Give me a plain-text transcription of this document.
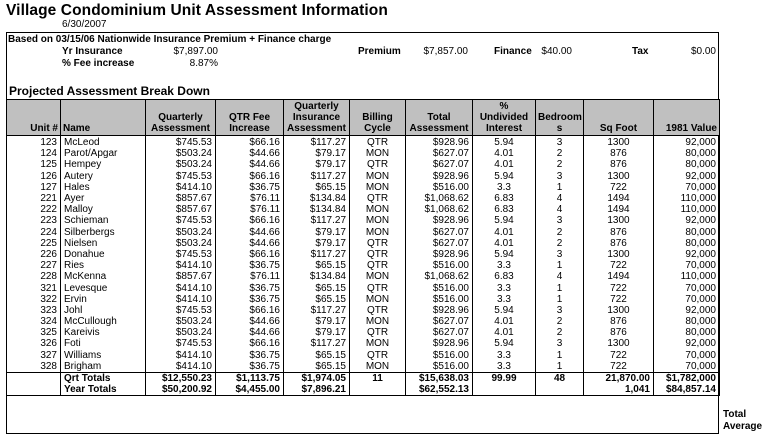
Village Condominium Unit Assessment Information
6/30/2007
Based on 03/15/06 Nationwide Insurance Premium + Finance charge
Yr Insurance	$7,897.00
% Fee increase	8.87%
Premium	$7,857.00	Finance $40.00	Tax	$0.00
Projected Assessment Break Down
Unit #	Name	Quarterly Assessment	QTR Fee Increase	Quarterly Insurance Assessment	Billing Cycle	Total Assessment	% Undivided Interest	Bedroom s	Sq Foot	1981 Value
123	McLeod	$745.53	$66.16	$117.27	QTR	$928.96	5.94	3	1300	92,000
124	Parot/Apgar	$503.24	$44.66	$79.17	MON	$627.07	4.01	2	876	80,000
125	Hempey	$503.24	$44.66	$79.17	QTR	$627.07	4.01	2	876	80,000
126	Autery	$745.53	$66.16	$117.27	MON	$928.96	5.94	3	1300	92,000
127	Hales	$414.10	$36.75	$65.15	MON	$516.00	3.3	1	722	70,000
221	Ayer	$857.67	$76.11	$134.84	QTR	$1,068.62	6.83	4	1494	110,000
222	Malloy	$857.67	$76.11	$134.84	MON	$1,068.62	6.83	4	1494	110,000
223	Schieman	$745.53	$66.16	$117.27	MON	$928.96	5.94	3	1300	92,000
224	Silberbergs	$503.24	$44.66	$79.17	MON	$627.07	4.01	2	876	80,000
225	Nielsen	$503.24	$44.66	$79.17	QTR	$627.07	4.01	2	876	80,000
226	Donahue	$745.53	$66.16	$117.27	QTR	$928.96	5.94	3	1300	92,000
227	Ries	$414.10	$36.75	$65.15	QTR	$516.00	3.3	1	722	70,000
228	McKenna	$857.67	$76.11	$134.84	MON	$1,068.62	6.83	4	1494	110,000
321	Levesque	$414.10	$36.75	$65.15	QTR	$516.00	3.3	1	722	70,000
322	Ervin	$414.10	$36.75	$65.15	MON	$516.00	3.3	1	722	70,000
323	Johl	$745.53	$66.16	$117.27	QTR	$928.96	5.94	3	1300	92,000
324	McCullough	$503.24	$44.66	$79.17	MON	$627.07	4.01	2	876	80,000
325	Kareivis	$503.24	$44.66	$79.17	QTR	$627.07	4.01	2	876	80,000
326	Foti	$745.53	$66.16	$117.27	MON	$928.96	5.94	3	1300	92,000
327	Williams	$414.10	$36.75	$65.15	QTR	$516.00	3.3	1	722	70,000
328	Brigham	$414.10	$36.75	$65.15	MON	$516.00	3.3	1	722	70,000
	Qrt Totals	$12,550.23	$1,113.75	$1,974.05	11	$15,638.03	99.99	48	21,870.00	$1,782,000
	Year Totals	$50,200.92	$4,455.00	$7,896.21		$62,552.13			1,041	$84,857.14
Total
Average
